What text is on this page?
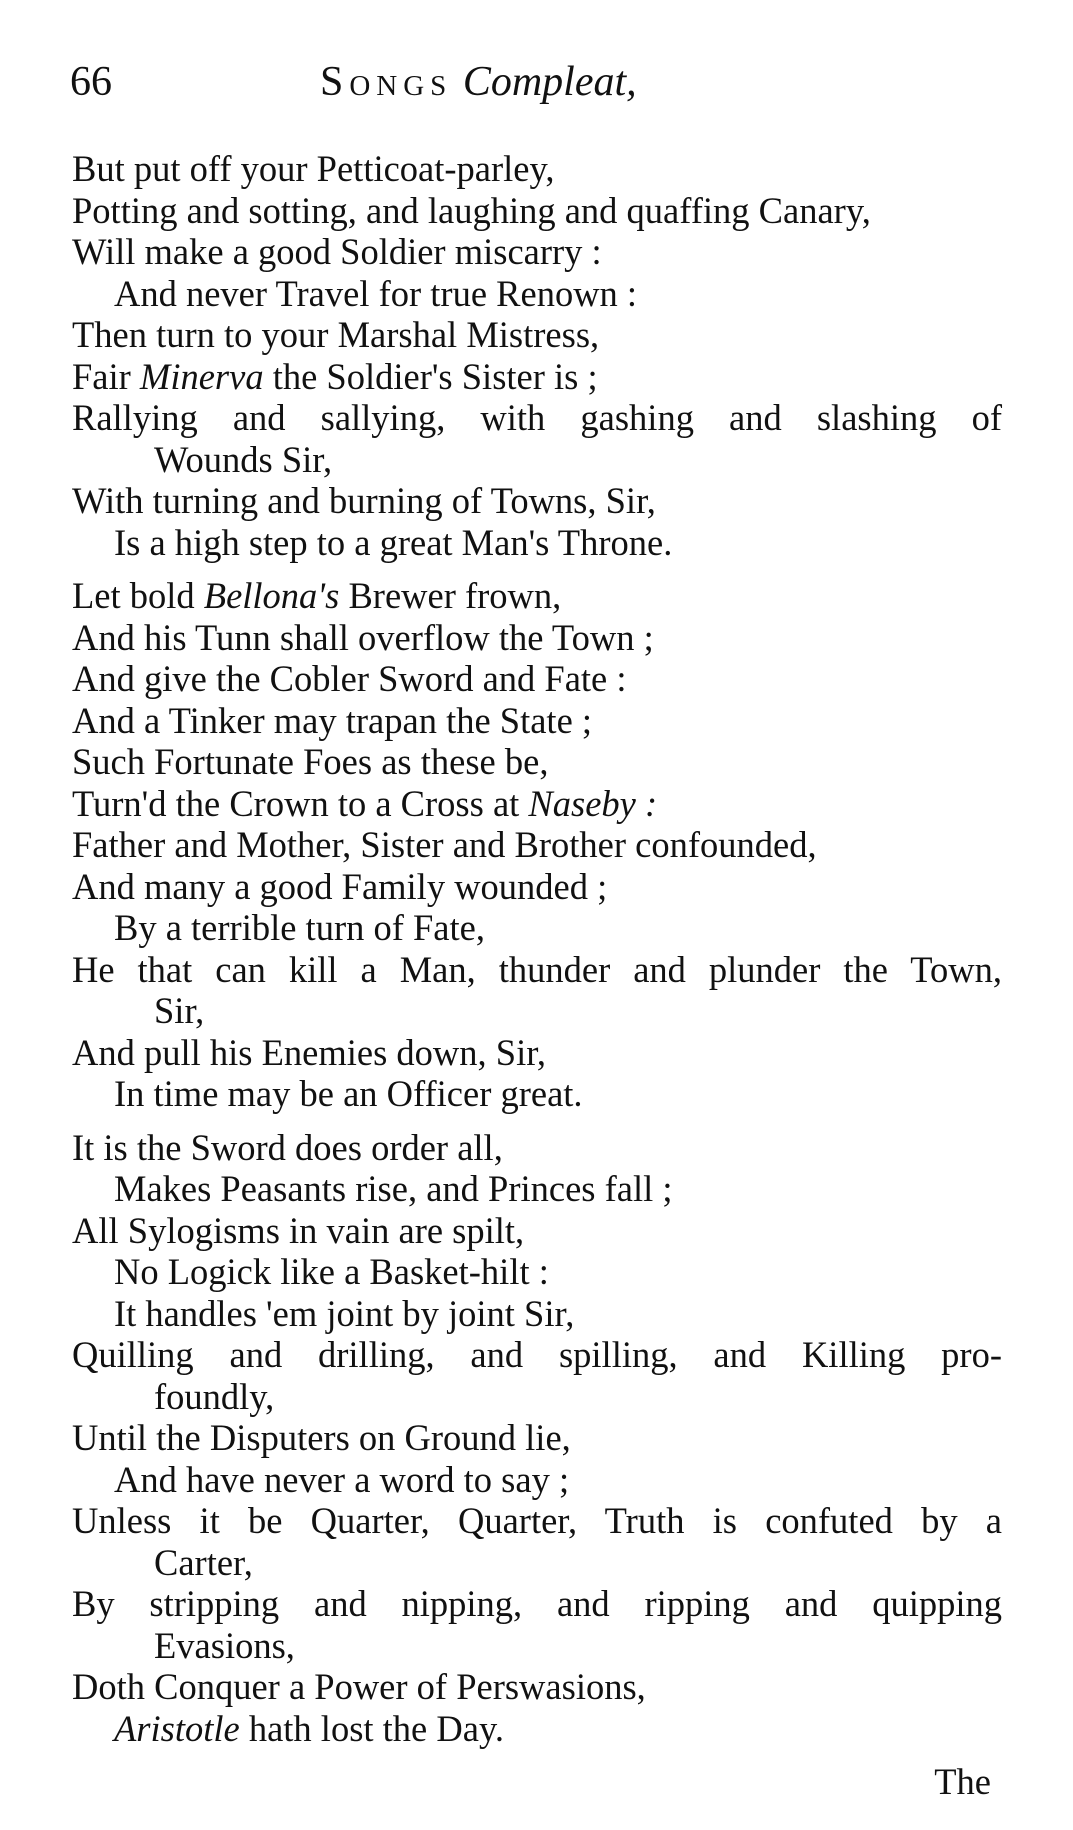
66	Songs Compleat,
But put off your Petticoat-parley,
Potting and sotting, and laughing and quaffing Canary,
Will make a good Soldier miscarry :
And never Travel for true Renown :
Then turn to your Marshal Mistress,
Fair Minerva the Soldier's Sister is ;
Rallying and sallying, with gashing and slashing of
Wounds Sir,
With turning and burning of Towns, Sir,
Is a high step to a great Man's Throne.
Let bold Bellona's Brewer frown,
And his Tunn shall overflow the Town ;
And give the Cobler Sword and Fate :
And a Tinker may trapan the State ;
Such Fortunate Foes as these be,
Turn'd the Crown to a Cross at Naseby :
Father and Mother, Sister and Brother confounded,
And many a good Family wounded ;
By a terrible turn of Fate,
He that can kill a Man, thunder and plunder the Town,
Sir,
And pull his Enemies down, Sir,
In time may be an Officer great.
It is the Sword does order all,
Makes Peasants rise, and Princes fall ;
All Sylogisms in vain are spilt,
No Logick like a Basket-hilt :
It handles 'em joint by joint Sir,
Quilling and drilling, and spilling, and Killing pro-
foundly,
Until the Disputers on Ground lie,
And have never a word to say ;
Unless it be Quarter, Quarter, Truth is confuted by a
Carter,
By stripping and nipping, and ripping and quipping
Evasions,
Doth Conquer a Power of Perswasions,
Aristotle hath lost the Day.
The
